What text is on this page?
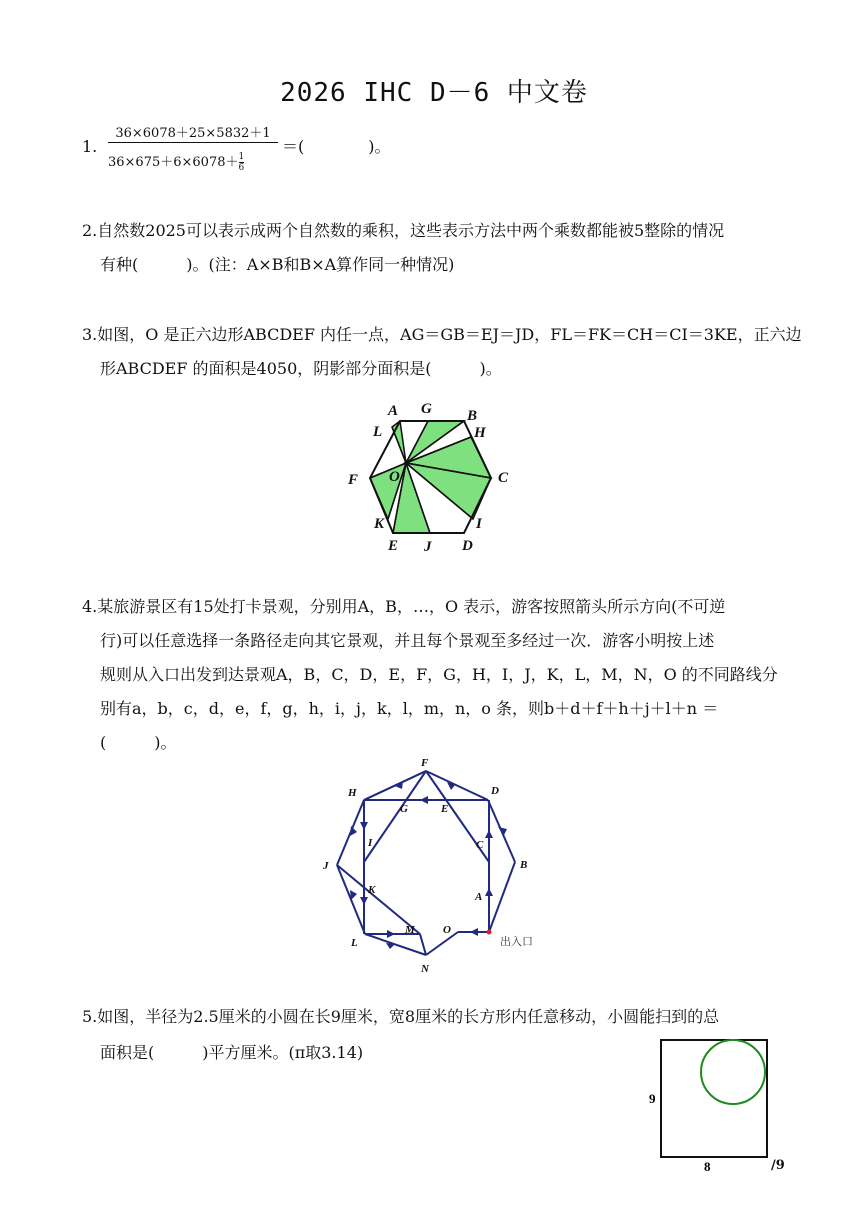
2026 IHC D－6 中文卷
1.
36×6078＋25×5832＋1
$36\times 675+6\times 6078+ \frac{1}{6}$
＝(　　　　)。
2.自然数2025可以表示成两个自然数的乘积，这些表示方法中两个乘数都能被5整除的情况
有种(　　　)。(注：A×B和B×A算作同一种情况)
3.如图，O 是正六边形ABCDEF 内任一点，AG＝GB＝EJ＝JD，FL＝FK＝CH＝CI＝3KE，正六边
形ABCDEF 的面积是4050，阴影部分面积是(　　　)。
A G B
H
L
F O	C
K	I
E J D
4.某旅游景区有15处打卡景观，分别用A，B，…，O 表示，游客按照箭头所示方向(不可逆
行)可以任意选择一条路径走向其它景观，并且每个景观至多经过一次．游客小明按上述
规则从入口出发到达景观A，B，C，D，E，F，G，H，I，J，K，L，M，N，O 的不同路线分
别有a，b，c，d，e，f，g，h，i，j，k，l，m，n，o 条，则b＋d＋f＋h＋j＋l＋n ＝
(　　　)。
F
H	D
G	E
I	C
J	B
K
A
L
M	O
N
出入口
5.如图，半径为2.5厘米的小圆在长9厘米，宽8厘米的长方形内任意移动，小圆能扫到的总
面积是(　　　)平方厘米。(π取3.14)
9
8	/9
